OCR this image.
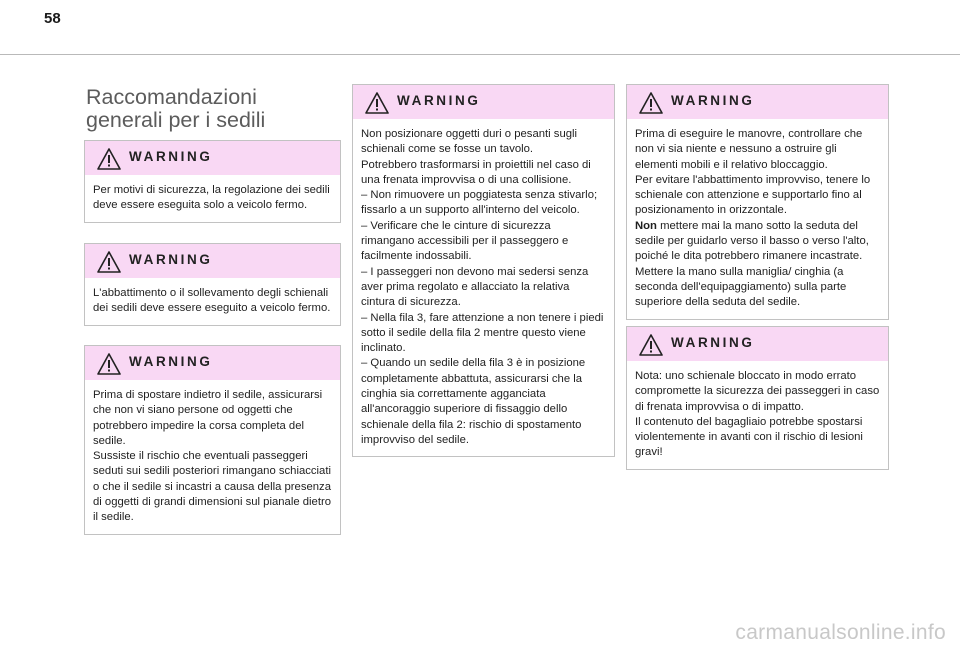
58
Raccomandazioni generali per i sedili
WARNING

Per motivi di sicurezza, la regolazione dei sedili deve essere eseguita solo a veicolo fermo.

WARNING

L'abbattimento o il sollevamento degli schienali dei sedili deve essere eseguito a veicolo fermo.

WARNING

Prima di spostare indietro il sedile, assicurarsi che non vi siano persone od oggetti che potrebbero impedire la corsa completa del sedile.

Sussiste il rischio che eventuali passeggeri seduti sui sedili posteriori rimangano schiacciati o che il sedile si incastri a causa della presenza di oggetti di grandi dimensioni sul pianale dietro il sedile.

WARNING

Non posizionare oggetti duri o pesanti sugli schienali come se fosse un tavolo.

Potrebbero trasformarsi in proiettili nel caso di una frenata improvvisa o di una collisione.

– Non rimuovere un poggiatesta senza stivarlo; fissarlo a un supporto all'interno del veicolo.

– Verificare che le cinture di sicurezza rimangano accessibili per il passeggero e facilmente indossabili.

– I passeggeri non devono mai sedersi senza aver prima regolato e allacciato la relativa cintura di sicurezza.

– Nella fila 3, fare attenzione a non tenere i piedi sotto il sedile della fila 2 mentre questo viene inclinato.

– Quando un sedile della fila 3 è in posizione completamente abbattuta, assicurarsi che la cinghia sia correttamente agganciata all'ancoraggio superiore di fissaggio dello schienale della fila 2: rischio di spostamento improvviso del sedile.

WARNING

Prima di eseguire le manovre, controllare che non vi sia niente e nessuno a ostruire gli elementi mobili e il relativo bloccaggio.

Per evitare l'abbattimento improvviso, tenere lo schienale con attenzione e supportarlo fino al posizionamento in orizzontale.

Non mettere mai la mano sotto la seduta del sedile per guidarlo verso il basso o verso l'alto, poiché le dita potrebbero rimanere incastrate. Mettere la mano sulla maniglia/ cinghia (a seconda dell'equipaggiamento) sulla parte superiore della seduta del sedile.

WARNING

Nota: uno schienale bloccato in modo errato compromette la sicurezza dei passeggeri in caso di frenata improvvisa o di impatto.

Il contenuto del bagagliaio potrebbe spostarsi violentemente in avanti con il rischio di lesioni gravi!

carmanualsonline.info
